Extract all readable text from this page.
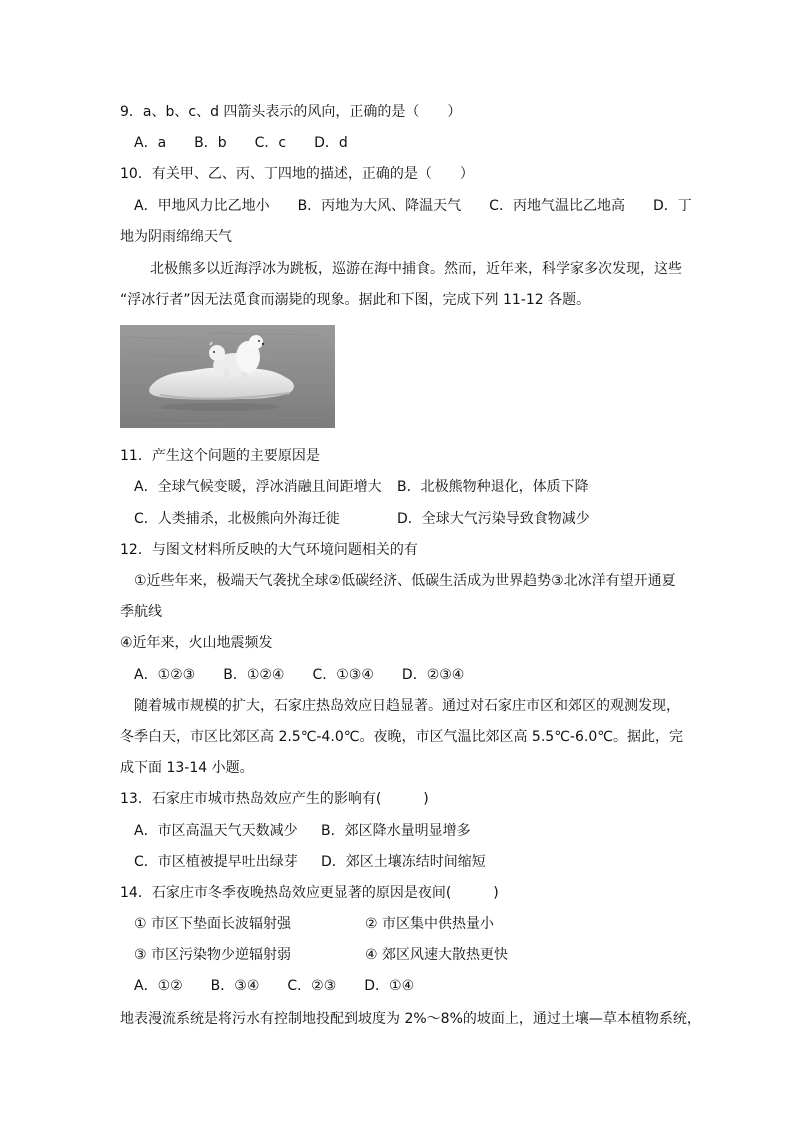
9．a、b、c、d 四箭头表示的风向，正确的是（　　）
A．a　　B．b　　C．c　　D．d
10．有关甲、乙、丙、丁四地的描述，正确的是（　　）
A．甲地风力比乙地小　　B．丙地为大风、降温天气　　C．丙地气温比乙地高　　D．丁
地为阴雨绵绵天气
北极熊多以近海浮冰为跳板，巡游在海中捕食。然而，近年来，科学家多次发现，这些
“浮冰行者”因无法觅食而溺毙的现象。据此和下图，完成下列 11-12 各题。
11．产生这个问题的主要原因是
A．全球气候变暖，浮冰消融且间距增大 B．北极熊物种退化，体质下降
C．人类捕杀，北极熊向外海迁徙	D．全球大气污染导致食物减少
12．与图文材料所反映的大气环境问题相关的有
①近些年来，极端天气袭扰全球②低碳经济、低碳生活成为世界趋势③北冰洋有望开通夏
季航线
④近年来，火山地震频发
A．①②③　　B．①②④　　C．①③④　　D．②③④
随着城市规模的扩大，石家庄热岛效应日趋显著。通过对石家庄市区和郊区的观测发现，
冬季白天，市区比郊区高 2.5℃-4.0℃。夜晚，市区气温比郊区高 5.5℃-6.0℃。据此，完
成下面 13-14 小题。
13．石家庄市城市热岛效应产生的影响有(　　　)
A．市区高温天气天数减少 B．郊区降水量明显增多
C．市区植被提早吐出绿芽 D．郊区土壤冻结时间缩短
14．石家庄市冬季夜晚热岛效应更显著的原因是夜间(　　　)
① 市区下垫面长波辐射强	② 市区集中供热量小
③ 市区污染物少逆辐射弱	④ 郊区风速大散热更快
A．①②　　B．③④　　C．②③　　D．①④
地表漫流系统是将污水有控制地投配到坡度为 2%～8%的坡面上，通过土壤—草本植物系统，
